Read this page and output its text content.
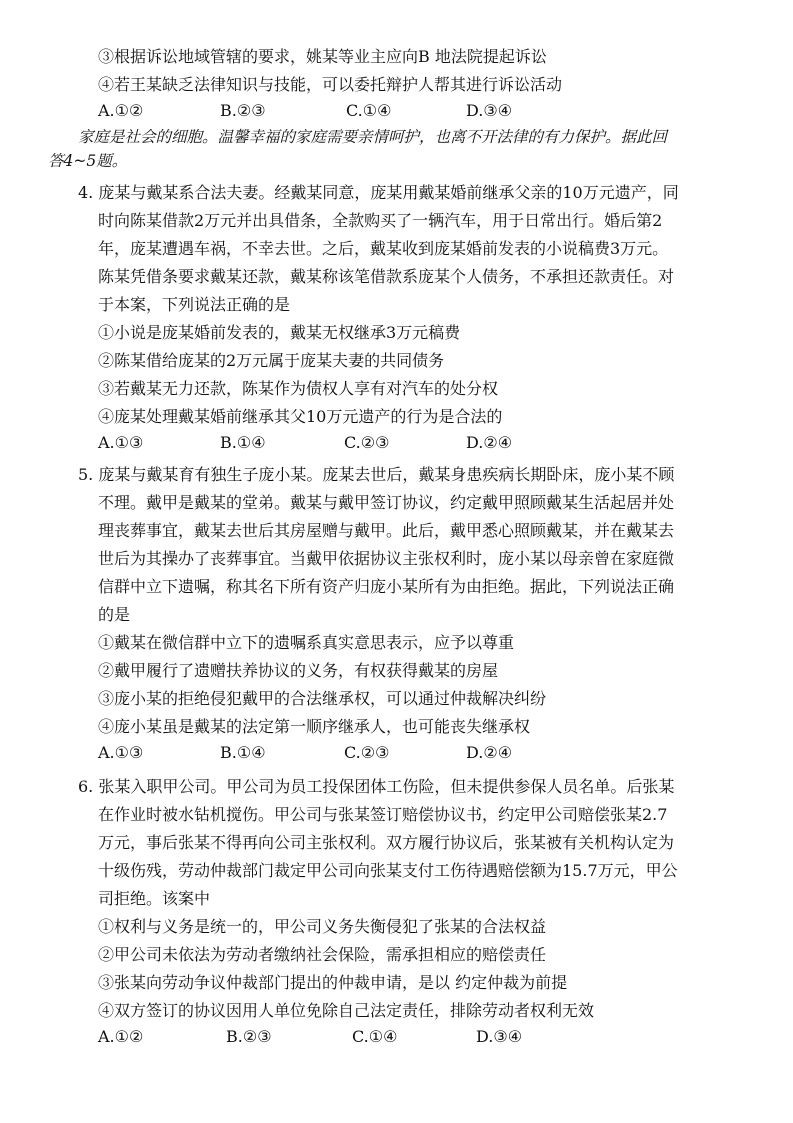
③根据诉讼地域管辖的要求，姚某等业主应向B 地法院提起诉讼
④若王某缺乏法律知识与技能，可以委托辩护人帮其进行诉讼活动
A.①②	B.②③	C.①④	D.③④
家庭是社会的细胞。温馨幸福的家庭需要亲情呵护，也离不开法律的有力保护。据此回
答4~5题。
4. 庞某与戴某系合法夫妻。经戴某同意，庞某用戴某婚前继承父亲的10万元遗产，同
时向陈某借款2万元并出具借条，全款购买了一辆汽车，用于日常出行。婚后第2
年，庞某遭遇车祸，不幸去世。之后，戴某收到庞某婚前发表的小说稿费3万元。
陈某凭借条要求戴某还款，戴某称该笔借款系庞某个人债务，不承担还款责任。对
于本案，下列说法正确的是
①小说是庞某婚前发表的，戴某无权继承3万元稿费
②陈某借给庞某的2万元属于庞某夫妻的共同债务
③若戴某无力还款，陈某作为债权人享有对汽车的处分权
④庞某处理戴某婚前继承其父10万元遗产的行为是合法的
A.①③	B.①④	C.②③	D.②④
5. 庞某与戴某育有独生子庞小某。庞某去世后，戴某身患疾病长期卧床，庞小某不顾
不理。戴甲是戴某的堂弟。戴某与戴甲签订协议，约定戴甲照顾戴某生活起居并处
理丧葬事宜，戴某去世后其房屋赠与戴甲。此后，戴甲悉心照顾戴某，并在戴某去
世后为其操办了丧葬事宜。当戴甲依据协议主张权利时，庞小某以母亲曾在家庭微
信群中立下遗嘱，称其名下所有资产归庞小某所有为由拒绝。据此，下列说法正确
的是
①戴某在微信群中立下的遗嘱系真实意思表示，应予以尊重
②戴甲履行了遗赠扶养协议的义务，有权获得戴某的房屋
③庞小某的拒绝侵犯戴甲的合法继承权，可以通过仲裁解决纠纷
④庞小某虽是戴某的法定第一顺序继承人，也可能丧失继承权
A.①③	B.①④	C.②③	D.②④
6. 张某入职甲公司。甲公司为员工投保团体工伤险，但未提供参保人员名单。后张某
在作业时被水钻机搅伤。甲公司与张某签订赔偿协议书，约定甲公司赔偿张某2.7
万元，事后张某不得再向公司主张权利。双方履行协议后，张某被有关机构认定为
十级伤残，劳动仲裁部门裁定甲公司向张某支付工伤待遇赔偿额为15.7万元，甲公
司拒绝。该案中
①权利与义务是统一的，甲公司义务失衡侵犯了张某的合法权益
②甲公司未依法为劳动者缴纳社会保险，需承担相应的赔偿责任
③张某向劳动争议仲裁部门提出的仲裁申请，是以 约定仲裁为前提
④双方签订的协议因用人单位免除自己法定责任，排除劳动者权利无效
A.①②	B.②③	C.①④	D.③④
